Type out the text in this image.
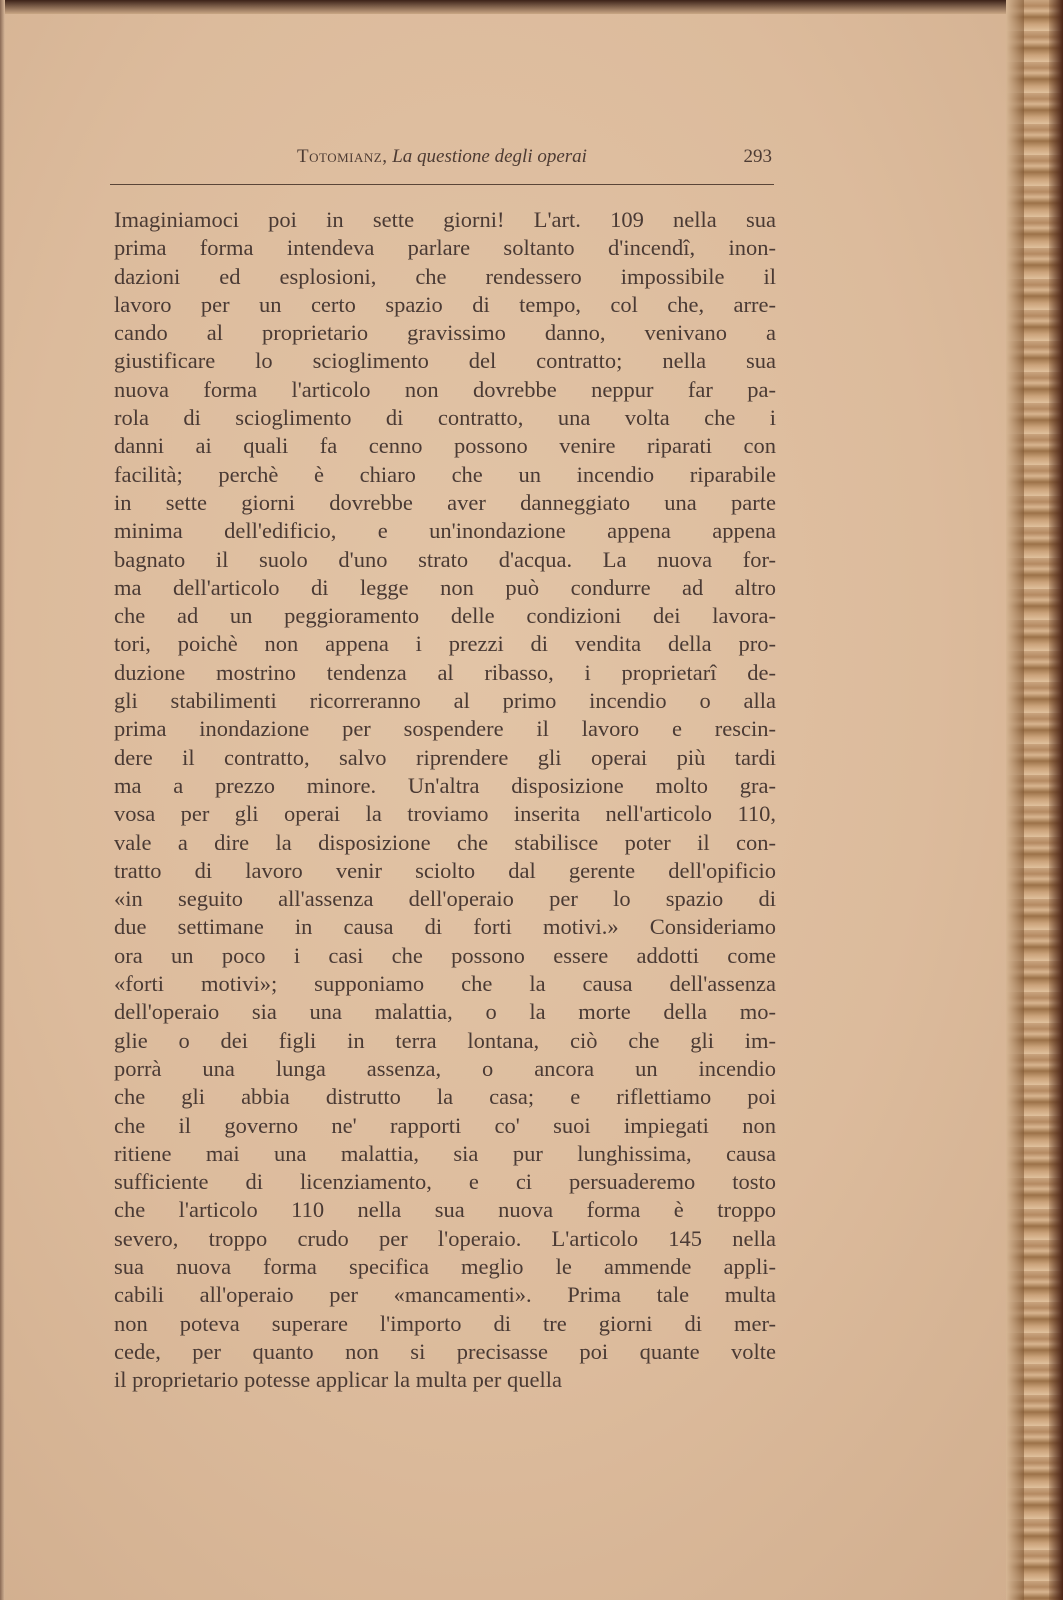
Totomianz, La questione degli operai	293
Imaginiamoci poi in sette giorni! L'art. 109 nella sua
prima forma intendeva parlare soltanto d'incendî, inon-
dazioni ed esplosioni, che rendessero impossibile il
lavoro per un certo spazio di tempo, col che, arre-
cando al proprietario gravissimo danno, venivano a
giustificare lo scioglimento del contratto; nella sua
nuova forma l'articolo non dovrebbe neppur far pa-
rola di scioglimento di contratto, una volta che i
danni ai quali fa cenno possono venire riparati con
facilità; perchè è chiaro che un incendio riparabile
in sette giorni dovrebbe aver danneggiato una parte
minima dell'edificio, e un'inondazione appena appena
bagnato il suolo d'uno strato d'acqua. La nuova for-
ma dell'articolo di legge non può condurre ad altro
che ad un peggioramento delle condizioni dei lavora-
tori, poichè non appena i prezzi di vendita della pro-
duzione mostrino tendenza al ribasso, i proprietarî de-
gli stabilimenti ricorreranno al primo incendio o alla
prima inondazione per sospendere il lavoro e rescin-
dere il contratto, salvo riprendere gli operai più tardi
ma a prezzo minore. Un'altra disposizione molto gra-
vosa per gli operai la troviamo inserita nell'articolo 110,
vale a dire la disposizione che stabilisce poter il con-
tratto di lavoro venir sciolto dal gerente dell'opificio
«in seguito all'assenza dell'operaio per lo spazio di
due settimane in causa di forti motivi.» Consideriamo
ora un poco i casi che possono essere addotti come
«forti motivi»; supponiamo che la causa dell'assenza
dell'operaio sia una malattia, o la morte della mo-
glie o dei figli in terra lontana, ciò che gli im-
porrà una lunga assenza, o ancora un incendio
che gli abbia distrutto la casa; e riflettiamo poi
che il governo ne' rapporti co' suoi impiegati non
ritiene mai una malattia, sia pur lunghissima, causa
sufficiente di licenziamento, e ci persuaderemo tosto
che l'articolo 110 nella sua nuova forma è troppo
severo, troppo crudo per l'operaio. L'articolo 145 nella
sua nuova forma specifica meglio le ammende appli-
cabili all'operaio per «mancamenti». Prima tale multa
non poteva superare l'importo di tre giorni di mer-
cede, per quanto non si precisasse poi quante volte
il proprietario potesse applicar la multa per quella
